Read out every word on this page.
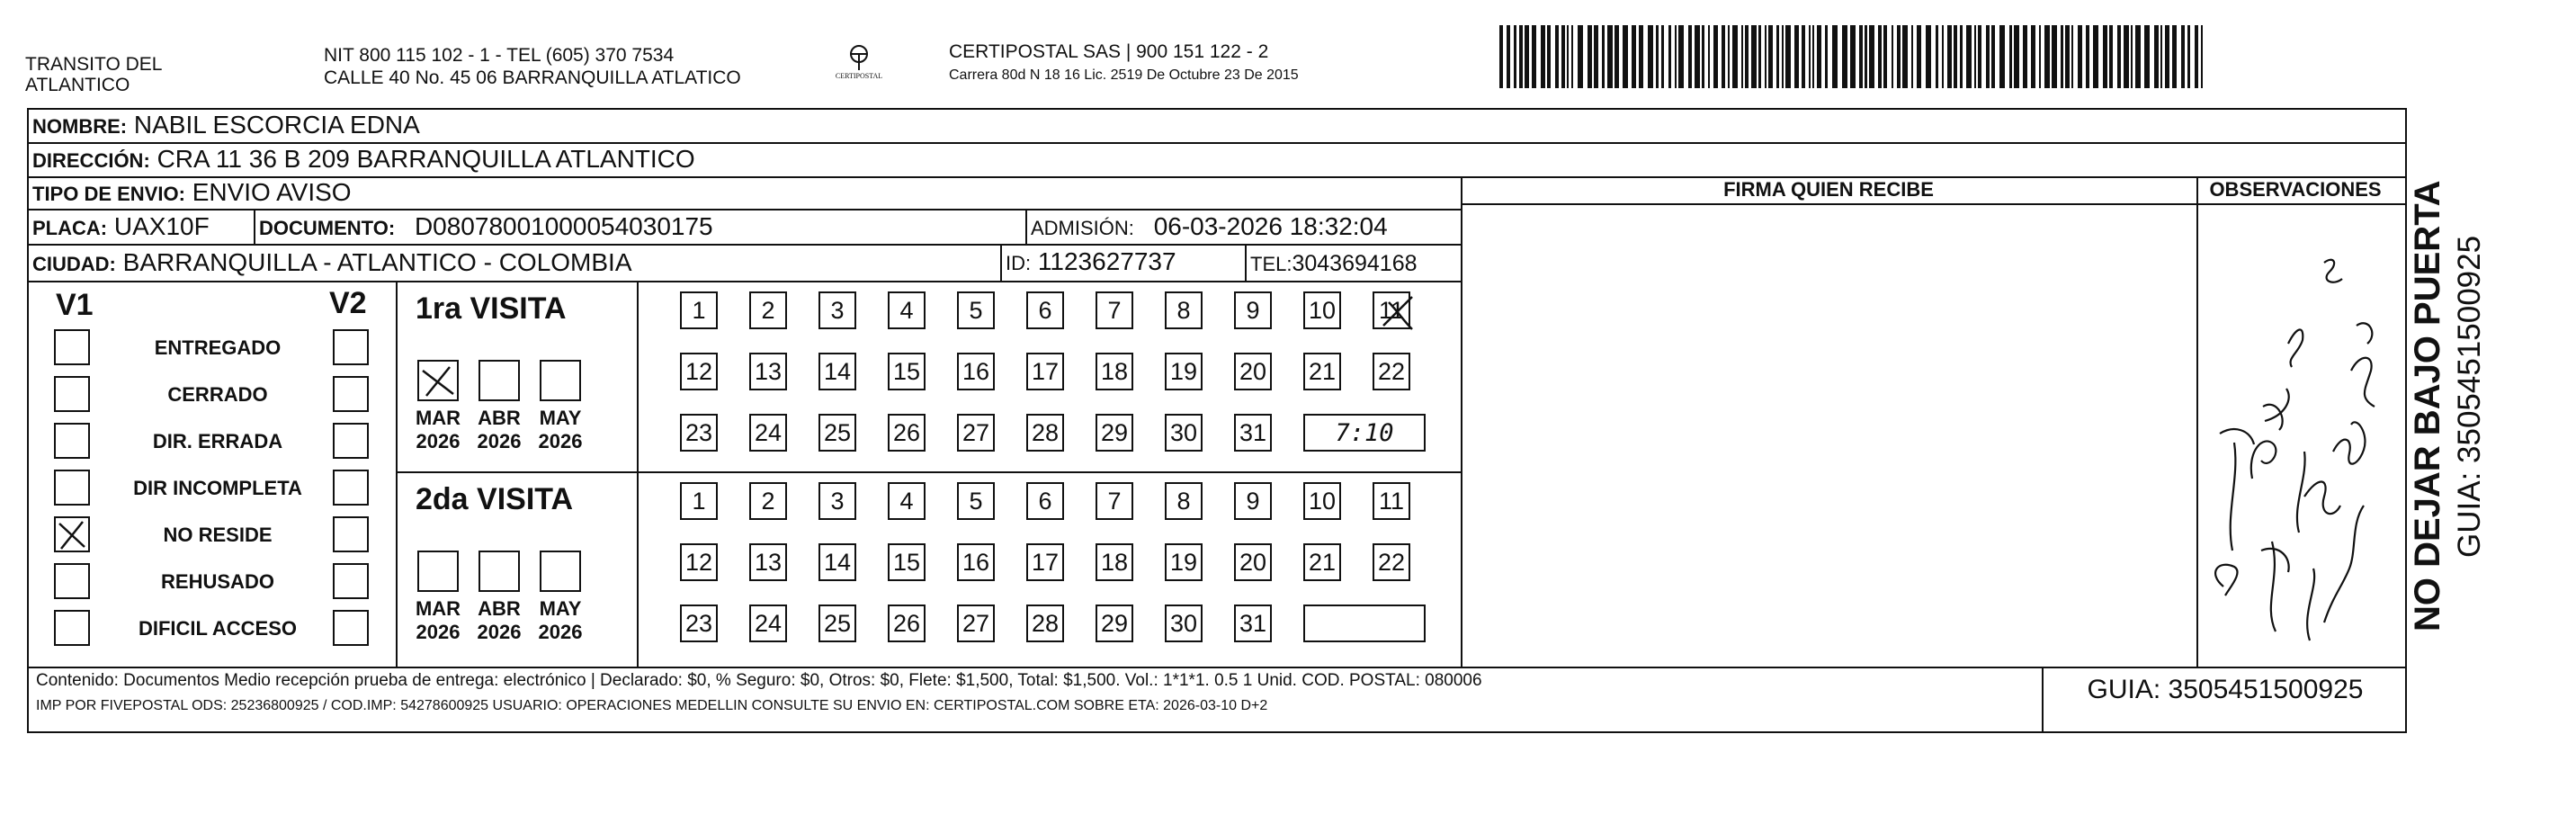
TRANSITO DEL
ATLANTICO
NIT 800 115 102 - 1 - TEL (605) 370 7534
CALLE 40 No. 45 06 BARRANQUILLA ATLATICO	CERTIPOSTAL
CERTIPOSTAL SAS | 900 151 122 - 2
Carrera 80d N 18 16 Lic. 2519 De Octubre 23 De 2015
NOMBRE: NABIL ESCORCIA EDNA
DIRECCIÓN: CRA 11 36 B 209 BARRANQUILLA ATLANTICO
TIPO DE ENVIO: ENVIO AVISO
PLACA: UAX10F	DOCUMENTO: D08078001000054030175	ADMISIÓN: 06-03-2026 18:32:04
CIUDAD: BARRANQUILLA - ATLANTICO - COLOMBIA	ID: 1123627737	TEL:3043694168
FIRMA QUIEN RECIBE	OBSERVACIONES
V1	V2
ENTREGADO
CERRADO
DIR. ERRADA
DIR INCOMPLETA
NO RESIDE
REHUSADO
DIFICIL ACCESO
1ra VISITA
MAR
2026
ABR
2026
MAY
2026
1 2 3 4 5 6 7 8 9 10 11
12 13 14 15 16 17 18 19 20 21 22
23 24 25 26 27 28 29 30 31	7:10
2da VISITA
MAR
2026
ABR
2026
MAY
2026
1 2 3 4 5 6 7 8 9 10 11
12 13 14 15 16 17 18 19 20 21 22
23 24 25 26 27 28 29 30 31
Contenido: Documentos Medio recepción prueba de entrega: electrónico | Declarado: $0, % Seguro: $0, Otros: $0, Flete: $1,500, Total: $1,500. Vol.: 1*1*1. 0.5 1 Unid. COD. POSTAL: 080006
IMP POR FIVEPOSTAL ODS: 25236800925 / COD.IMP: 54278600925 USUARIO: OPERACIONES MEDELLIN CONSULTE SU ENVIO EN: CERTIPOSTAL.COM SOBRE ETA: 2026-03-10 D+2
GUIA: 3505451500925
NO DEJAR BAJO PUERTA GUIA: 3505451500925
